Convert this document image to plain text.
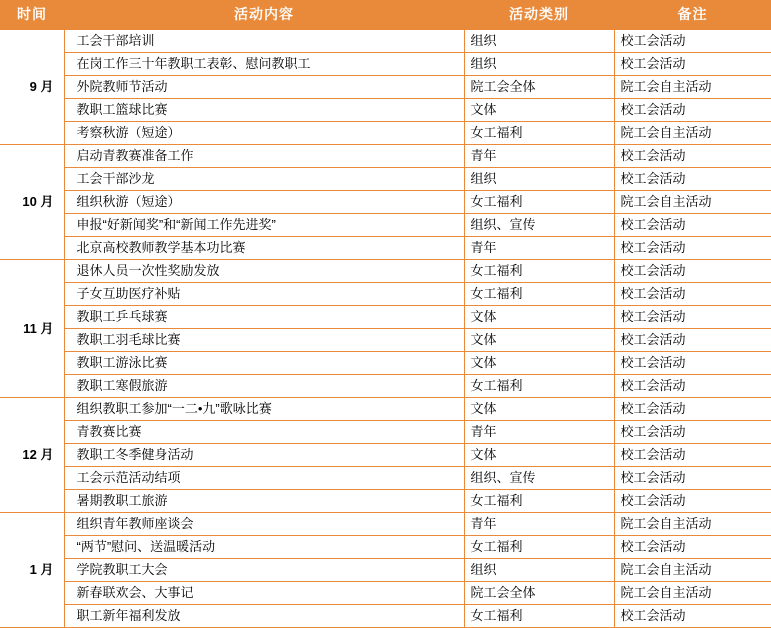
时间	活动内容	活动类别	备注
9 月	工会干部培训	组织	校工会活动
	在岗工作三十年教职工表彰、慰问教职工	组织	校工会活动
	外院教师节活动	院工会全体	院工会自主活动
	教职工篮球比赛	文体	校工会活动
	考察秋游（短途）	女工福利	院工会自主活动
10 月	启动青教赛准备工作	青年	校工会活动
	工会干部沙龙	组织	校工会活动
	组织秋游（短途）	女工福利	院工会自主活动
	申报“好新闻奖”和“新闻工作先进奖”	组织、宣传	校工会活动
	北京高校教师教学基本功比赛	青年	校工会活动
11 月	退休人员一次性奖励发放	女工福利	校工会活动
	子女互助医疗补贴	女工福利	校工会活动
	教职工乒乓球赛	文体	校工会活动
	教职工羽毛球比赛	文体	校工会活动
	教职工游泳比赛	文体	校工会活动
	教职工寒假旅游	女工福利	校工会活动
12 月	组织教职工参加“一二•九”歌咏比赛	文体	校工会活动
	青教赛比赛	青年	校工会活动
	教职工冬季健身活动	文体	校工会活动
	工会示范活动结项	组织、宣传	校工会活动
	暑期教职工旅游	女工福利	校工会活动
1 月	组织青年教师座谈会	青年	院工会自主活动
	“两节”慰问、送温暖活动	女工福利	校工会活动
	学院教职工大会	组织	院工会自主活动
	新春联欢会、大事记	院工会全体	院工会自主活动
	职工新年福利发放	女工福利	校工会活动
